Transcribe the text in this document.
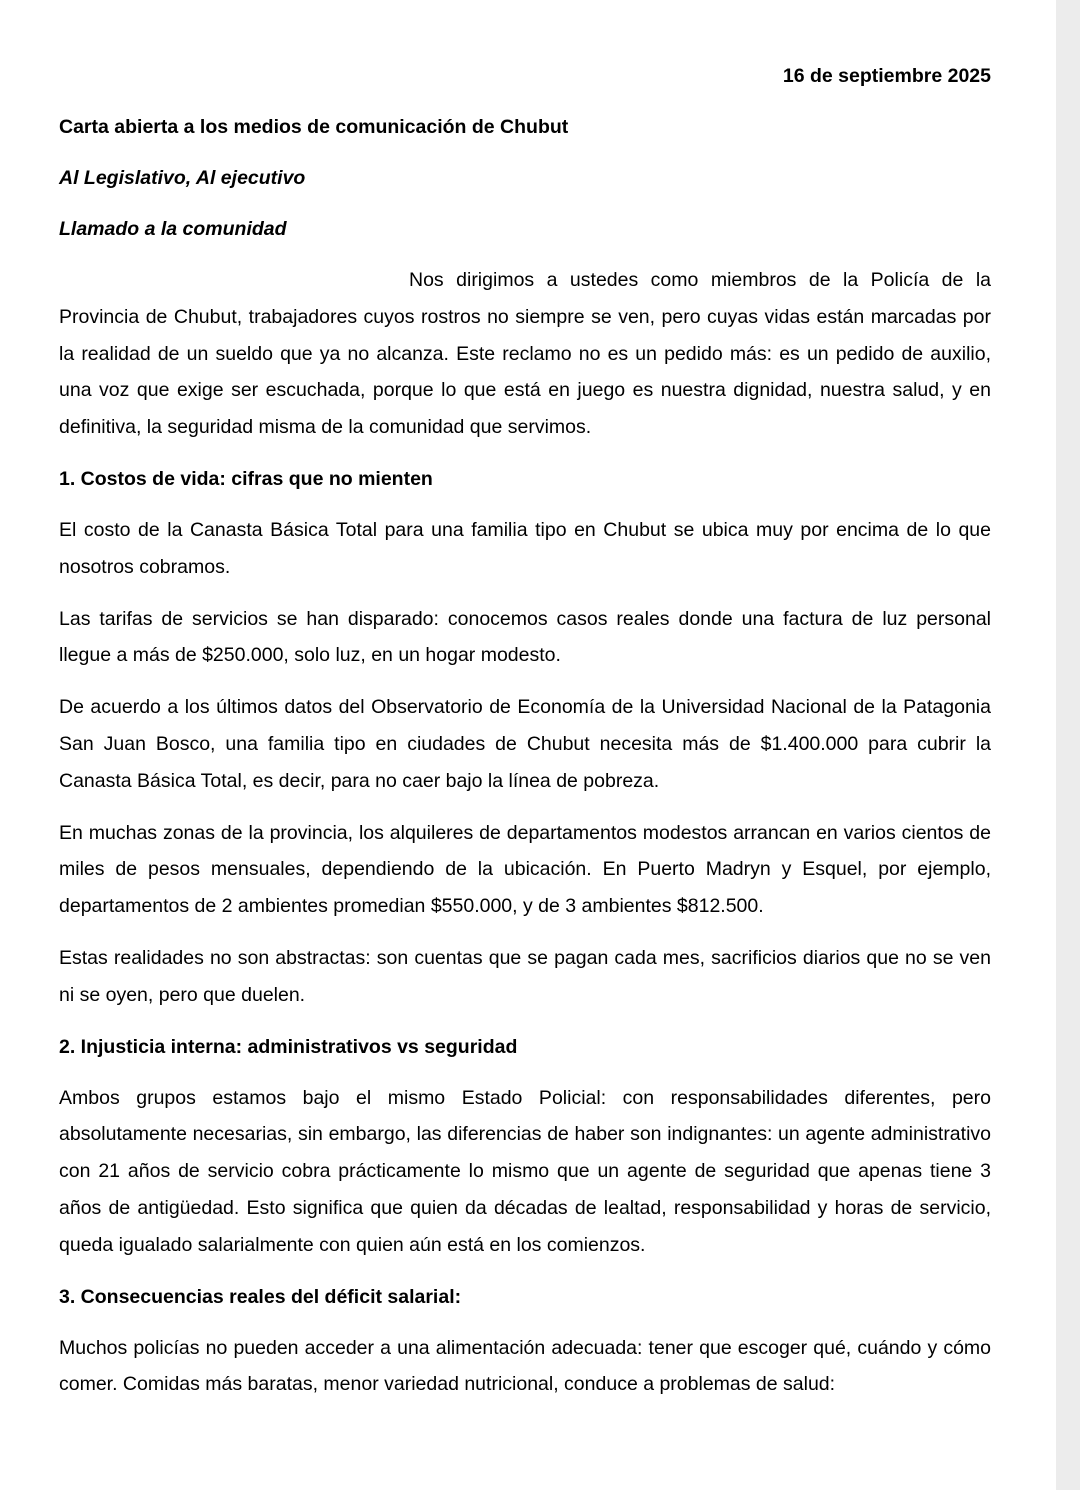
16 de septiembre 2025
Carta abierta a los medios de comunicación de Chubut
Al Legislativo, Al ejecutivo
Llamado a la comunidad

Nos dirigimos a ustedes como miembros de la Policía de la Provincia de Chubut, trabajadores cuyos rostros no siempre se ven, pero cuyas vidas están marcadas por la realidad de un sueldo que ya no alcanza. Este reclamo no es un pedido más: es un pedido de auxilio, una voz que exige ser escuchada, porque lo que está en juego es nuestra dignidad, nuestra salud, y en definitiva, la seguridad misma de la comunidad que servimos.

1. Costos de vida: cifras que no mienten

El costo de la Canasta Básica Total para una familia tipo en Chubut se ubica muy por encima de lo que nosotros cobramos.

Las tarifas de servicios se han disparado: conocemos casos reales donde una factura de luz personal llegue a más de $250.000, solo luz, en un hogar modesto.

De acuerdo a los últimos datos del Observatorio de Economía de la Universidad Nacional de la Patagonia San Juan Bosco, una familia tipo en ciudades de Chubut necesita más de $1.400.000 para cubrir la Canasta Básica Total, es decir, para no caer bajo la línea de pobreza.

En muchas zonas de la provincia, los alquileres de departamentos modestos arrancan en varios cientos de miles de pesos mensuales, dependiendo de la ubicación. En Puerto Madryn y Esquel, por ejemplo, departamentos de 2 ambientes promedian $550.000, y de 3 ambientes $812.500.

Estas realidades no son abstractas: son cuentas que se pagan cada mes, sacrificios diarios que no se ven ni se oyen, pero que duelen.

2. Injusticia interna: administrativos vs seguridad

Ambos grupos estamos bajo el mismo Estado Policial: con responsabilidades diferentes, pero absolutamente necesarias, sin embargo, las diferencias de haber son indignantes: un agente administrativo con 21 años de servicio cobra prácticamente lo mismo que un agente de seguridad que apenas tiene 3 años de antigüedad. Esto significa que quien da décadas de lealtad, responsabilidad y horas de servicio, queda igualado salarialmente con quien aún está en los comienzos.

3. Consecuencias reales del déficit salarial:

Muchos policías no pueden acceder a una alimentación adecuada: tener que escoger qué, cuándo y cómo comer. Comidas más baratas, menor variedad nutricional, conduce a problemas de salud:
